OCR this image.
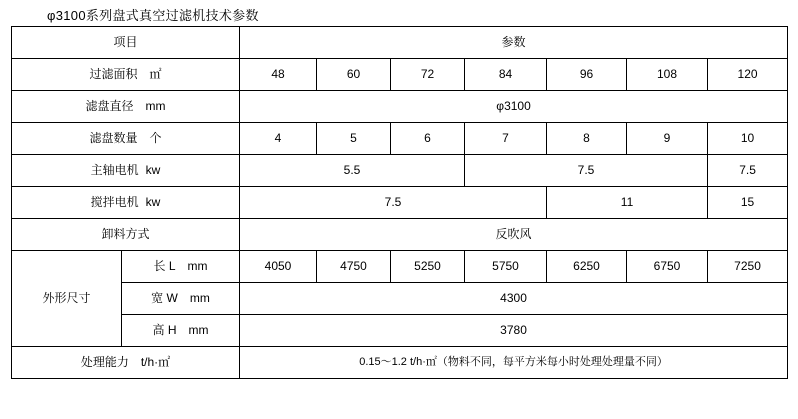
φ3100系列盘式真空过滤机技术参数
项目		参数						
过滤面积 ㎡		48	60	72	84	96	108	120
滤盘直径 mm		φ3100						
滤盘数量 个		4	5	6	7	8	9	10
主轴电机 kw		5.5			7.5			7.5
搅拌电机 kw		7.5				11		15
卸料方式		反吹风						
外形尺寸	长 L mm	4050	4750	5250	5750	6250	6750	7250
	宽 W mm	4300						
	高 H mm	3780						
处理能力 t/h·㎡		0.15～1.2 t/h·㎡（物料不同，每平方米每小时处理处理量不同）						
